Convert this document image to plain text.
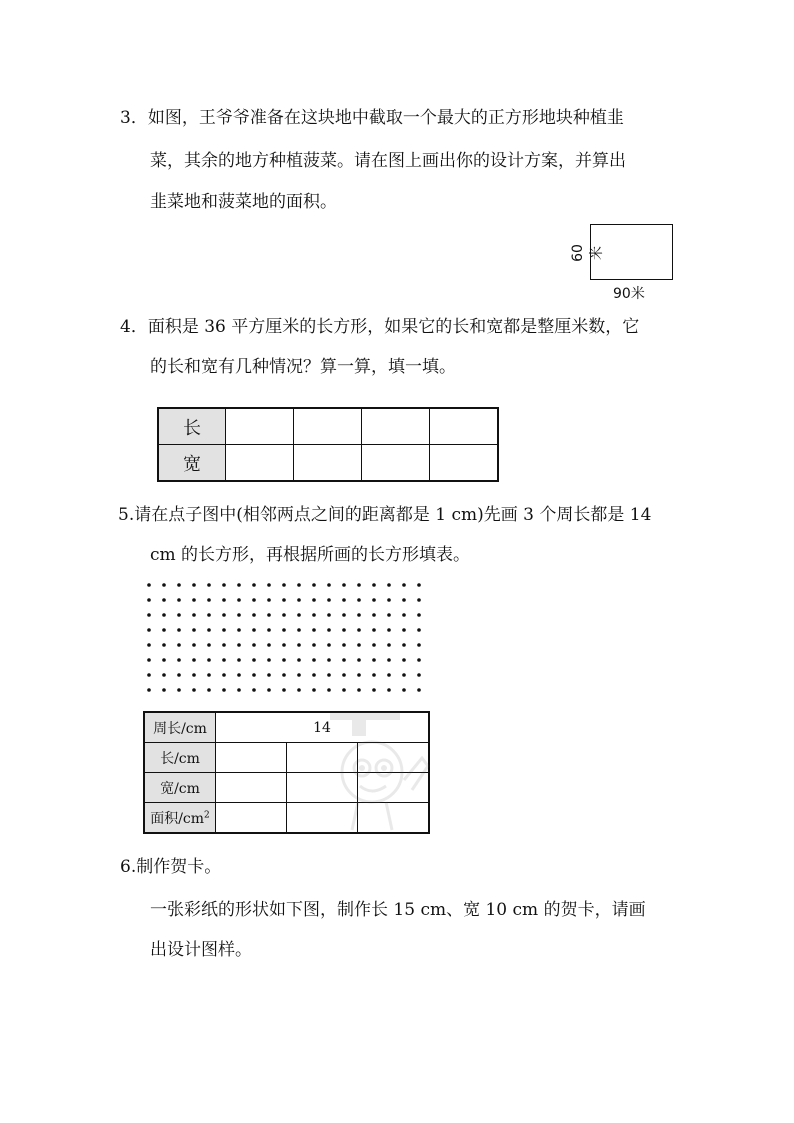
3．如图，王爷爷准备在这块地中截取一个最大的正方形地块种植韭
菜，其余的地方种植菠菜。请在图上画出你的设计方案，并算出
韭菜地和菠菜地的面积。
60米
90米
4．面积是 36 平方厘米的长方形，如果它的长和宽都是整厘米数，它
的长和宽有几种情况？算一算，填一填。
长				
宽				
5.请在点子图中(相邻两点之间的距离都是 1 cm)先画 3 个周长都是 14
cm 的长方形，再根据所画的长方形填表。
周长/cm	14		
长/cm			
宽/cm			
面积$/cm^2$			
6.制作贺卡。
一张彩纸的形状如下图，制作长 15 cm、宽 10 cm 的贺卡，请画
出设计图样。
